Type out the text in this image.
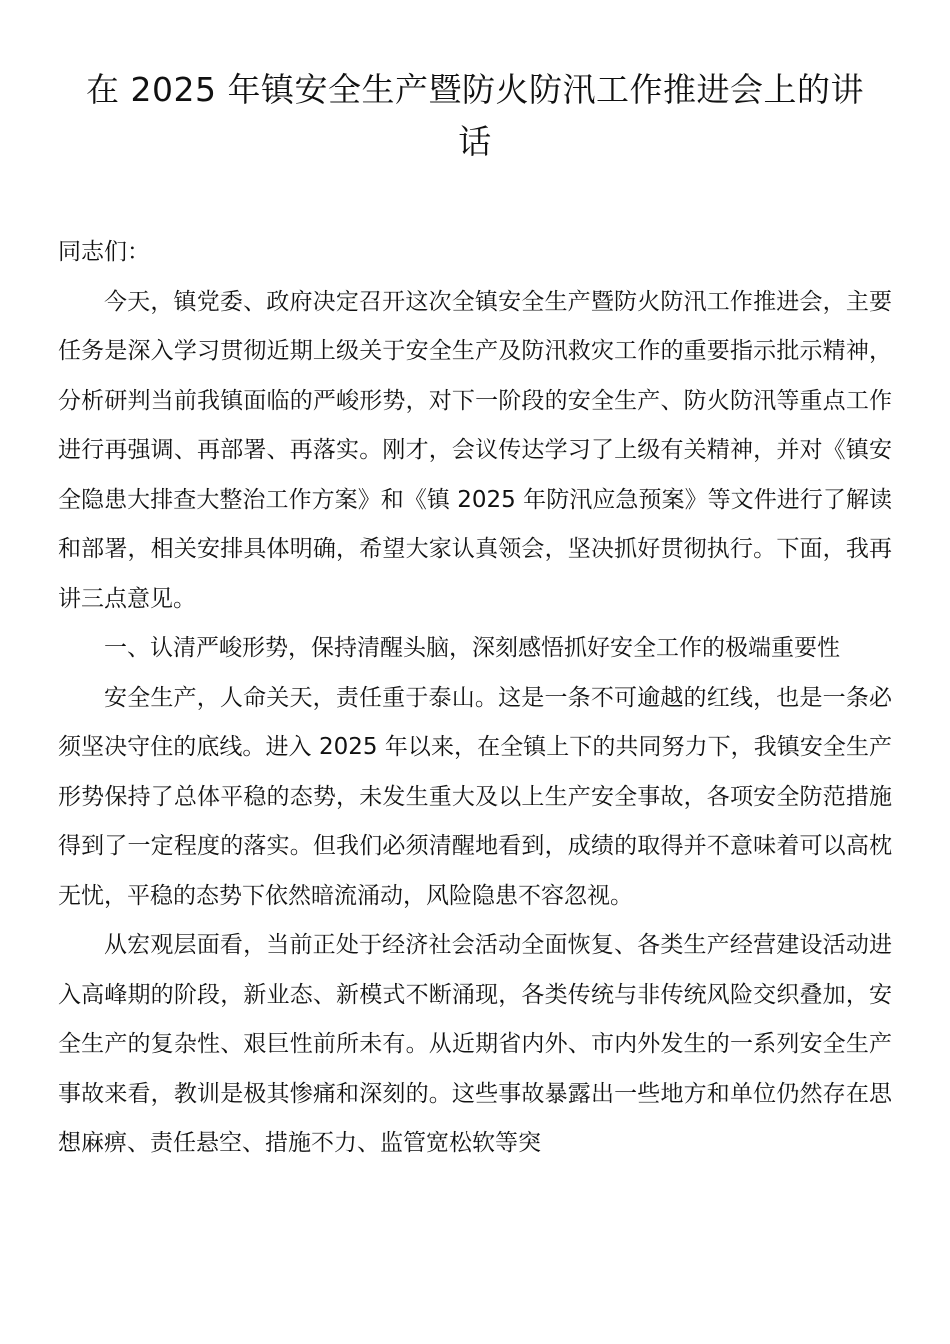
在 2025 年镇安全生产暨防火防汛工作推进会上的讲话

同志们：

今天，镇党委、政府决定召开这次全镇安全生产暨防火防汛工作推进会，主要任务是深入学习贯彻近期上级关于安全生产及防汛救灾工作的重要指示批示精神，分析研判当前我镇面临的严峻形势，对下一阶段的安全生产、防火防汛等重点工作进行再强调、再部署、再落实。刚才，会议传达学习了上级有关精神，并对《镇安全隐患大排查大整治工作方案》和《镇 2025 年防汛应急预案》等文件进行了解读和部署，相关安排具体明确，希望大家认真领会，坚决抓好贯彻执行。下面，我再讲三点意见。

一、认清严峻形势，保持清醒头脑，深刻感悟抓好安全工作的极端重要性

安全生产，人命关天，责任重于泰山。这是一条不可逾越的红线，也是一条必须坚决守住的底线。进入 2025 年以来，在全镇上下的共同努力下，我镇安全生产形势保持了总体平稳的态势，未发生重大及以上生产安全事故，各项安全防范措施得到了一定程度的落实。但我们必须清醒地看到，成绩的取得并不意味着可以高枕无忧，平稳的态势下依然暗流涌动，风险隐患不容忽视。

从宏观层面看，当前正处于经济社会活动全面恢复、各类生产经营建设活动进入高峰期的阶段，新业态、新模式不断涌现，各类传统与非传统风险交织叠加，安全生产的复杂性、艰巨性前所未有。从近期省内外、市内外发生的一系列安全生产事故来看，教训是极其惨痛和深刻的。这些事故暴露出一些地方和单位仍然存在思想麻痹、责任悬空、措施不力、监管宽松软等突
